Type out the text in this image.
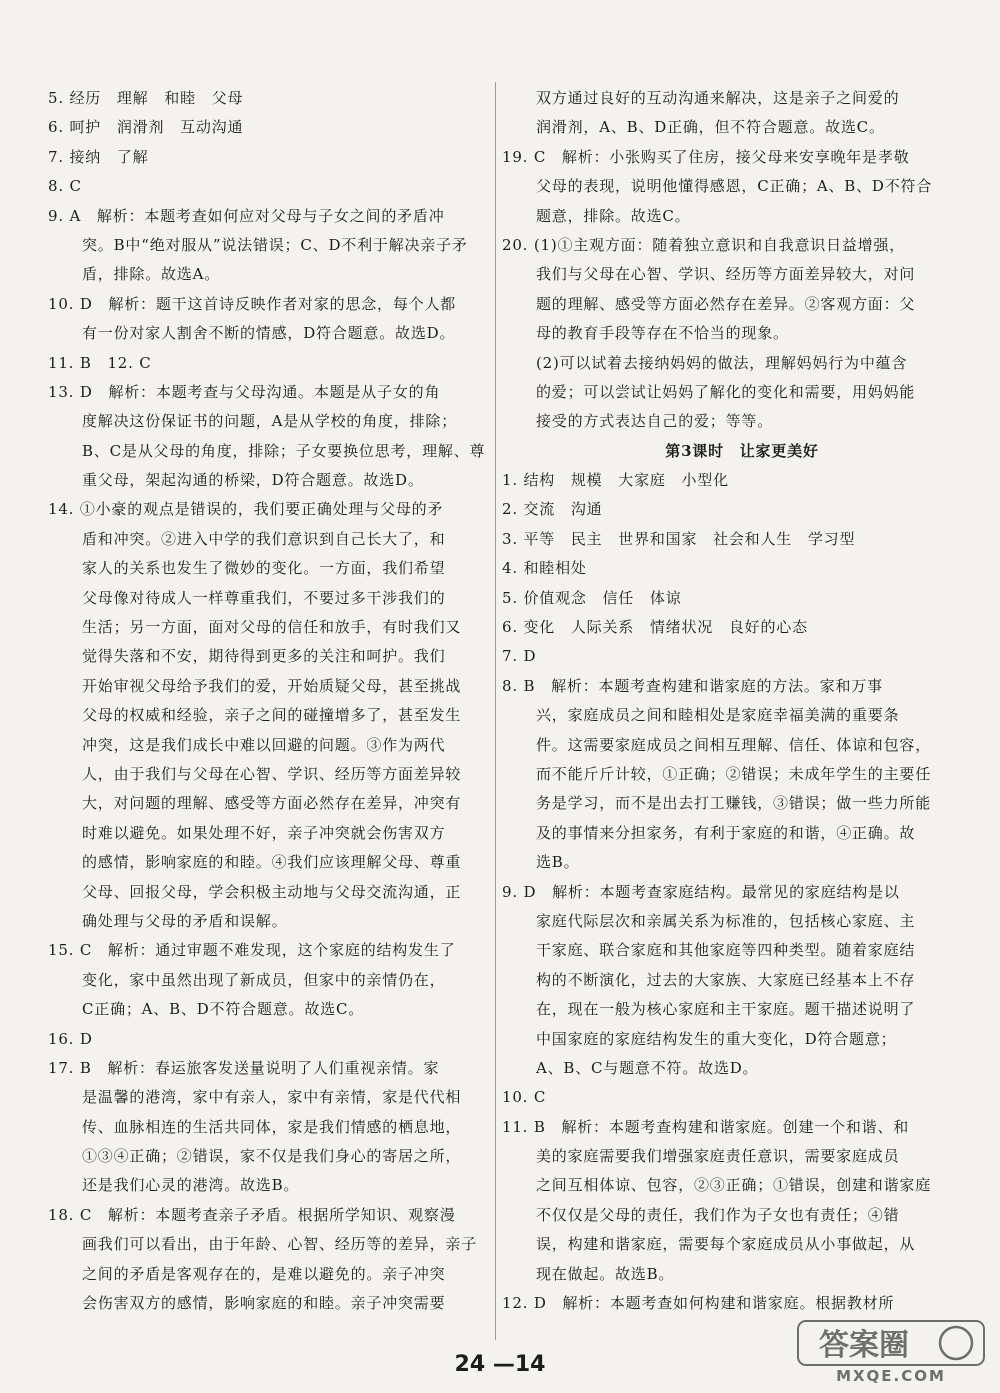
5. 经历　理解　和睦　父母
6. 呵护　润滑剂　互动沟通
7. 接纳　了解
8. C
9. A　解析：本题考查如何应对父母与子女之间的矛盾冲
突。B中“绝对服从”说法错误；C、D不利于解决亲子矛
盾，排除。故选A。
10. D　解析：题干这首诗反映作者对家的思念，每个人都
有一份对家人割舍不断的情感，D符合题意。故选D。
11. B　12. C
13. D　解析：本题考查与父母沟通。本题是从子女的角
度解决这份保证书的问题，A是从学校的角度，排除；
B、C是从父母的角度，排除；子女要换位思考，理解、尊
重父母，架起沟通的桥梁，D符合题意。故选D。
14. ①小豪的观点是错误的，我们要正确处理与父母的矛
盾和冲突。②进入中学的我们意识到自己长大了，和
家人的关系也发生了微妙的变化。一方面，我们希望
父母像对待成人一样尊重我们，不要过多干涉我们的
生活；另一方面，面对父母的信任和放手，有时我们又
觉得失落和不安，期待得到更多的关注和呵护。我们
开始审视父母给予我们的爱，开始质疑父母，甚至挑战
父母的权威和经验，亲子之间的碰撞增多了，甚至发生
冲突，这是我们成长中难以回避的问题。③作为两代
人，由于我们与父母在心智、学识、经历等方面差异较
大，对问题的理解、感受等方面必然存在差异，冲突有
时难以避免。如果处理不好，亲子冲突就会伤害双方
的感情，影响家庭的和睦。④我们应该理解父母、尊重
父母、回报父母，学会积极主动地与父母交流沟通，正
确处理与父母的矛盾和误解。
15. C　解析：通过审题不难发现，这个家庭的结构发生了
变化，家中虽然出现了新成员，但家中的亲情仍在，
C正确；A、B、D不符合题意。故选C。
16. D
17. B　解析：春运旅客发送量说明了人们重视亲情。家
是温馨的港湾，家中有亲人，家中有亲情，家是代代相
传、血脉相连的生活共同体，家是我们情感的栖息地，
①③④正确；②错误，家不仅是我们身心的寄居之所，
还是我们心灵的港湾。故选B。
18. C　解析：本题考查亲子矛盾。根据所学知识、观察漫
画我们可以看出，由于年龄、心智、经历等的差异，亲子
之间的矛盾是客观存在的，是难以避免的。亲子冲突
会伤害双方的感情，影响家庭的和睦。亲子冲突需要
双方通过良好的互动沟通来解决，这是亲子之间爱的
润滑剂，A、B、D正确，但不符合题意。故选C。
19. C　解析：小张购买了住房，接父母来安享晚年是孝敬
父母的表现，说明他懂得感恩，C正确；A、B、D不符合
题意，排除。故选C。
20. (1)①主观方面：随着独立意识和自我意识日益增强，
我们与父母在心智、学识、经历等方面差异较大，对问
题的理解、感受等方面必然存在差异。②客观方面：父
母的教育手段等存在不恰当的现象。
(2)可以试着去接纳妈妈的做法，理解妈妈行为中蕴含
的爱；可以尝试让妈妈了解化的变化和需要，用妈妈能
接受的方式表达自己的爱；等等。
第3课时　让家更美好
1. 结构　规模　大家庭　小型化
2. 交流　沟通
3. 平等　民主　世界和国家　社会和人生　学习型
4. 和睦相处
5. 价值观念　信任　体谅
6. 变化　人际关系　情绪状况　良好的心态
7. D
8. B　解析：本题考查构建和谐家庭的方法。家和万事
兴，家庭成员之间和睦相处是家庭幸福美满的重要条
件。这需要家庭成员之间相互理解、信任、体谅和包容，
而不能斤斤计较，①正确；②错误；未成年学生的主要任
务是学习，而不是出去打工赚钱，③错误；做一些力所能
及的事情来分担家务，有利于家庭的和谐，④正确。故
选B。
9. D　解析：本题考查家庭结构。最常见的家庭结构是以
家庭代际层次和亲属关系为标准的，包括核心家庭、主
干家庭、联合家庭和其他家庭等四种类型。随着家庭结
构的不断演化，过去的大家族、大家庭已经基本上不存
在，现在一般为核心家庭和主干家庭。题干描述说明了
中国家庭的家庭结构发生的重大变化，D符合题意；
A、B、C与题意不符。故选D。
10. C
11. B　解析：本题考查构建和谐家庭。创建一个和谐、和
美的家庭需要我们增强家庭责任意识，需要家庭成员
之间互相体谅、包容，②③正确；①错误，创建和谐家庭
不仅仅是父母的责任，我们作为子女也有责任；④错
误，构建和谐家庭，需要每个家庭成员从小事做起，从
现在做起。故选B。
12. D　解析：本题考查如何构建和谐家庭。根据教材所
24 —14
答案圈
MXQE.COM
